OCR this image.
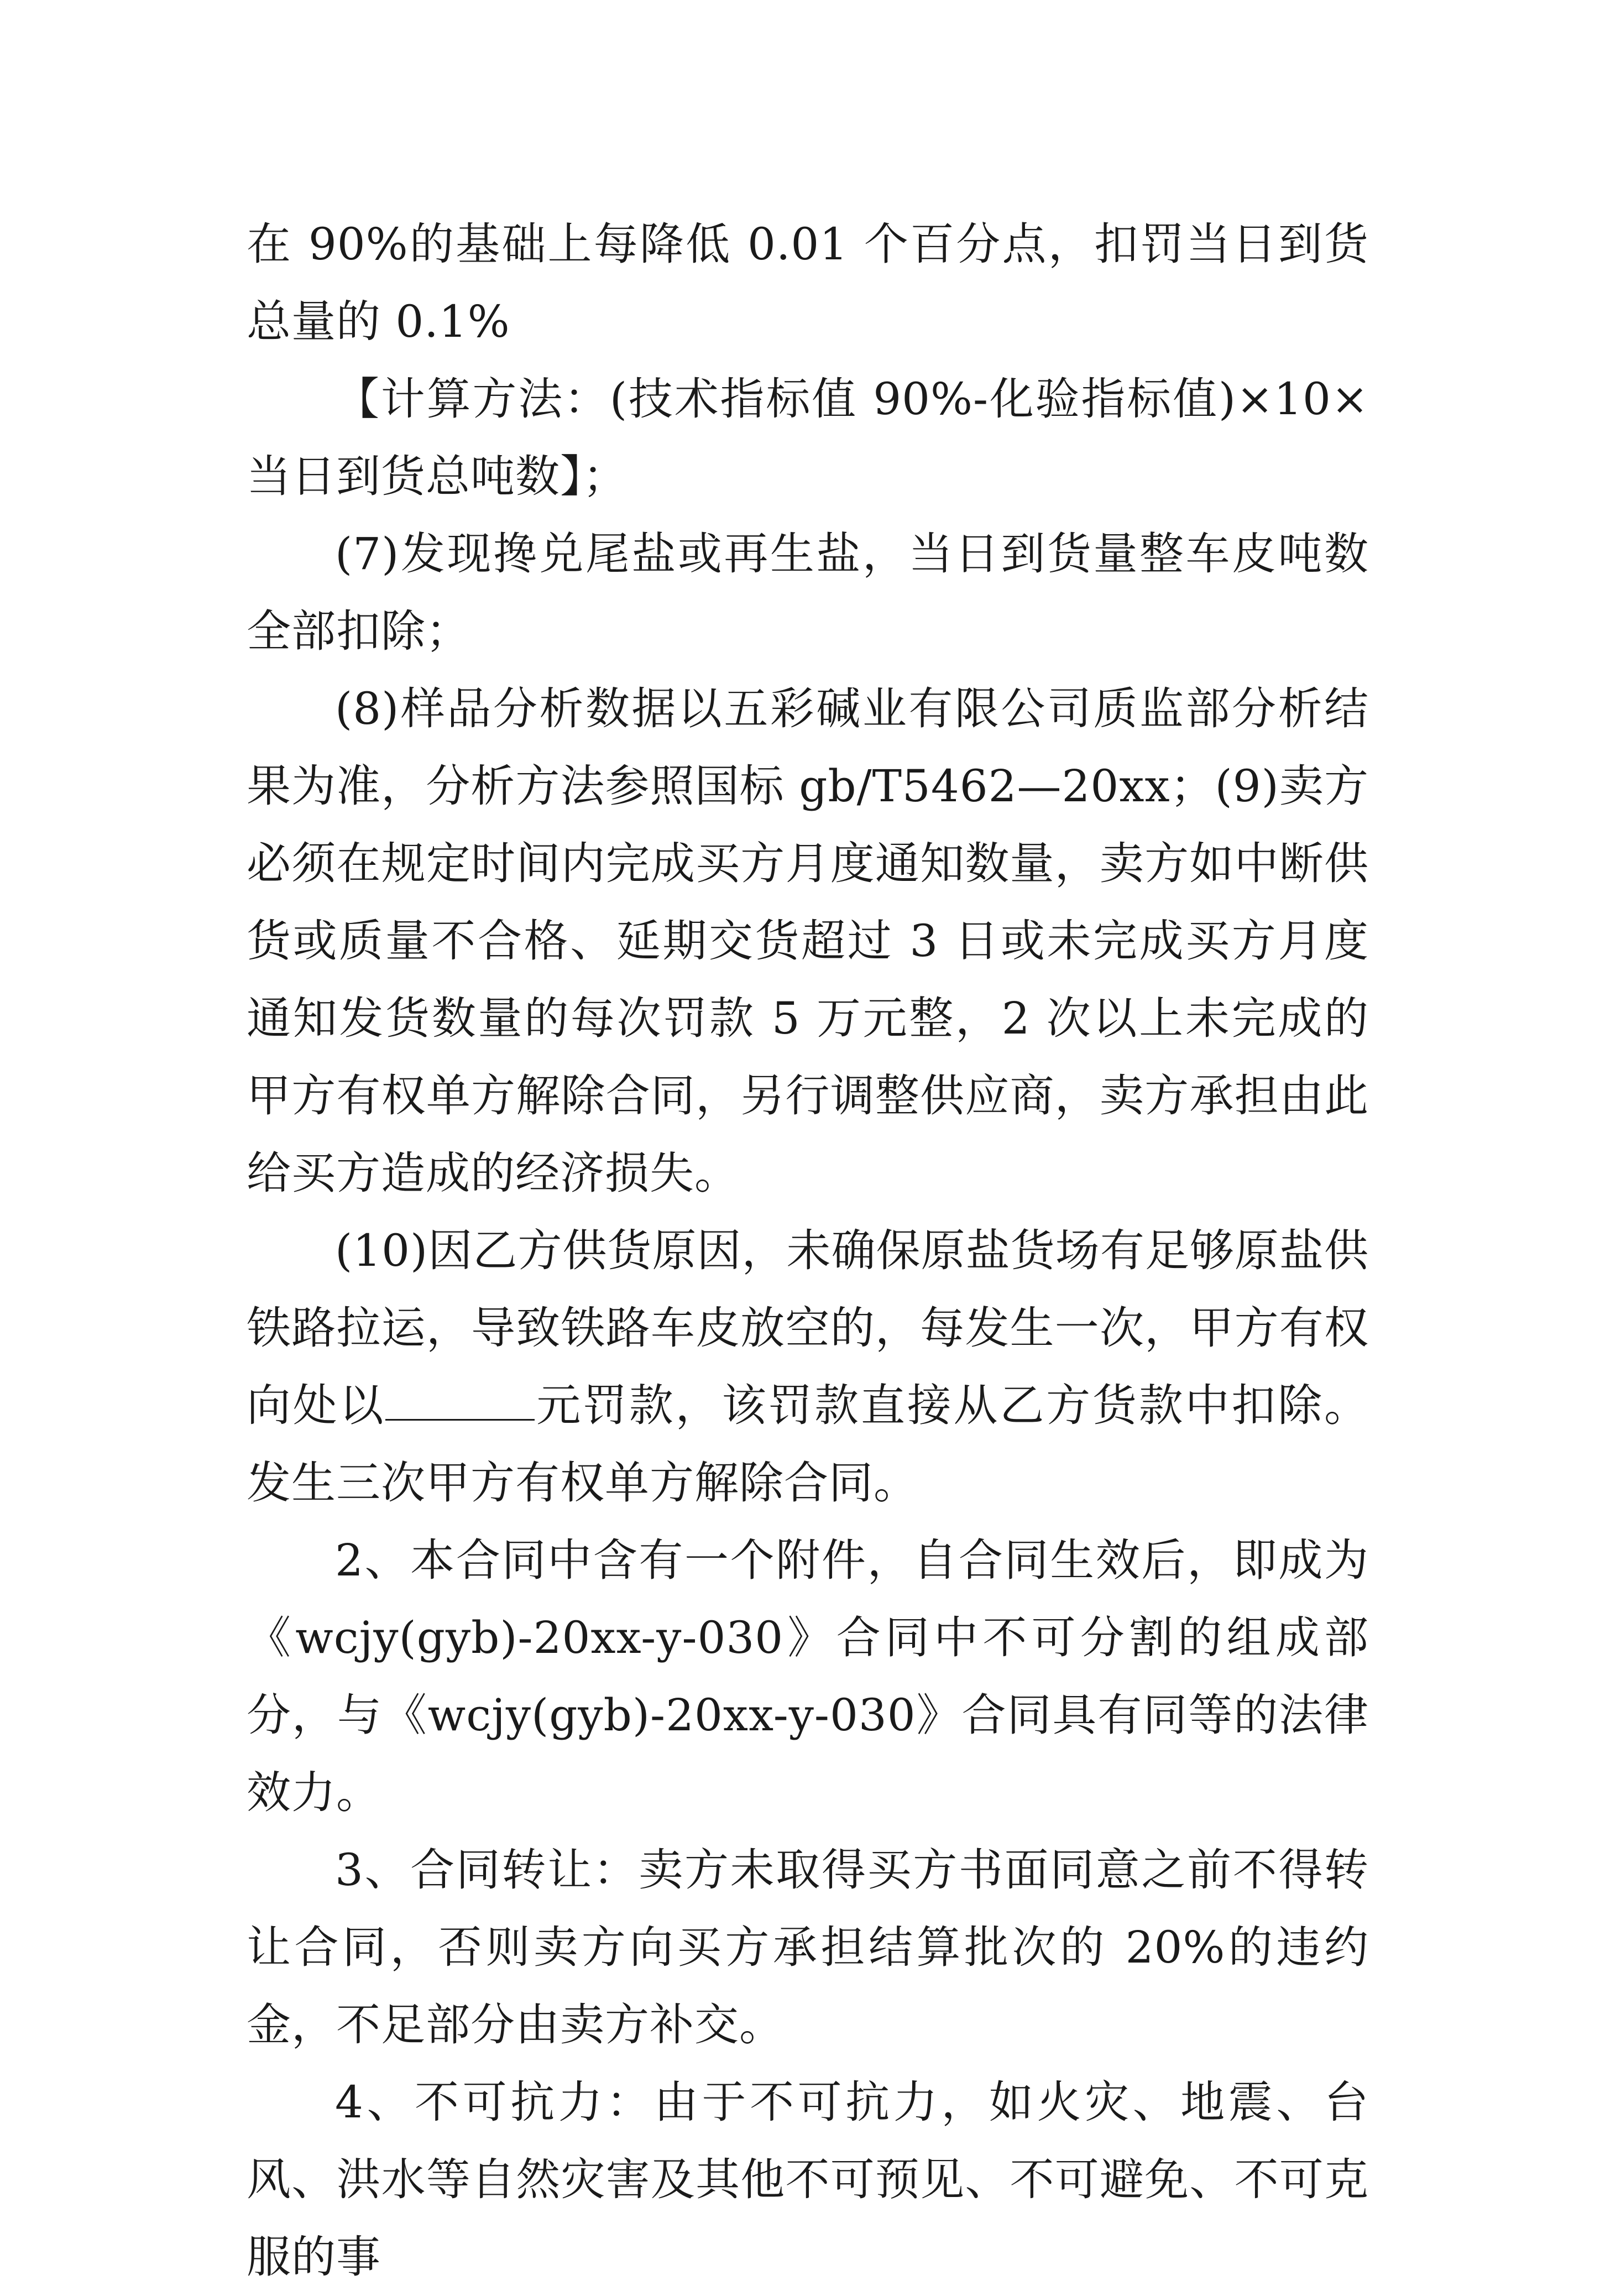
在 90%的基础上每降低 0.01 个百分点，扣罚当日到货总量的 0.1%

【计算方法：(技术指标值 90%-化验指标值)×10×当日到货总吨数】；

(7)发现搀兑尾盐或再生盐，当日到货量整车皮吨数全部扣除；

(8)样品分析数据以五彩碱业有限公司质监部分析结果为准，分析方法参照国标 gb/T5462—20xx；(9)卖方必须在规定时间内完成买方月度通知数量，卖方如中断供货或质量不合格、延期交货超过 3 日或未完成买方月度通知发货数量的每次罚款 5 万元整，2 次以上未完成的甲方有权单方解除合同，另行调整供应商，卖方承担由此给买方造成的经济损失。

(10)因乙方供货原因，未确保原盐货场有足够原盐供铁路拉运，导致铁路车皮放空的，每发生一次，甲方有权向处以	元罚款，该罚款直接从乙方货款中扣除。发生三次甲方有权单方解除合同。

2、本合同中含有一个附件，自合同生效后，即成为《wcjy(gyb)-20xx-y-030》合同中不可分割的组成部分，与《wcjy(gyb)-20xx-y-030》合同具有同等的法律效力。

3、合同转让：卖方未取得买方书面同意之前不得转让合同，否则卖方向买方承担结算批次的 20%的违约金，不足部分由卖方补交。

4、不可抗力：由于不可抗力，如火灾、地震、台风、洪水等自然灾害及其他不可预见、不可避免、不可克服的事
